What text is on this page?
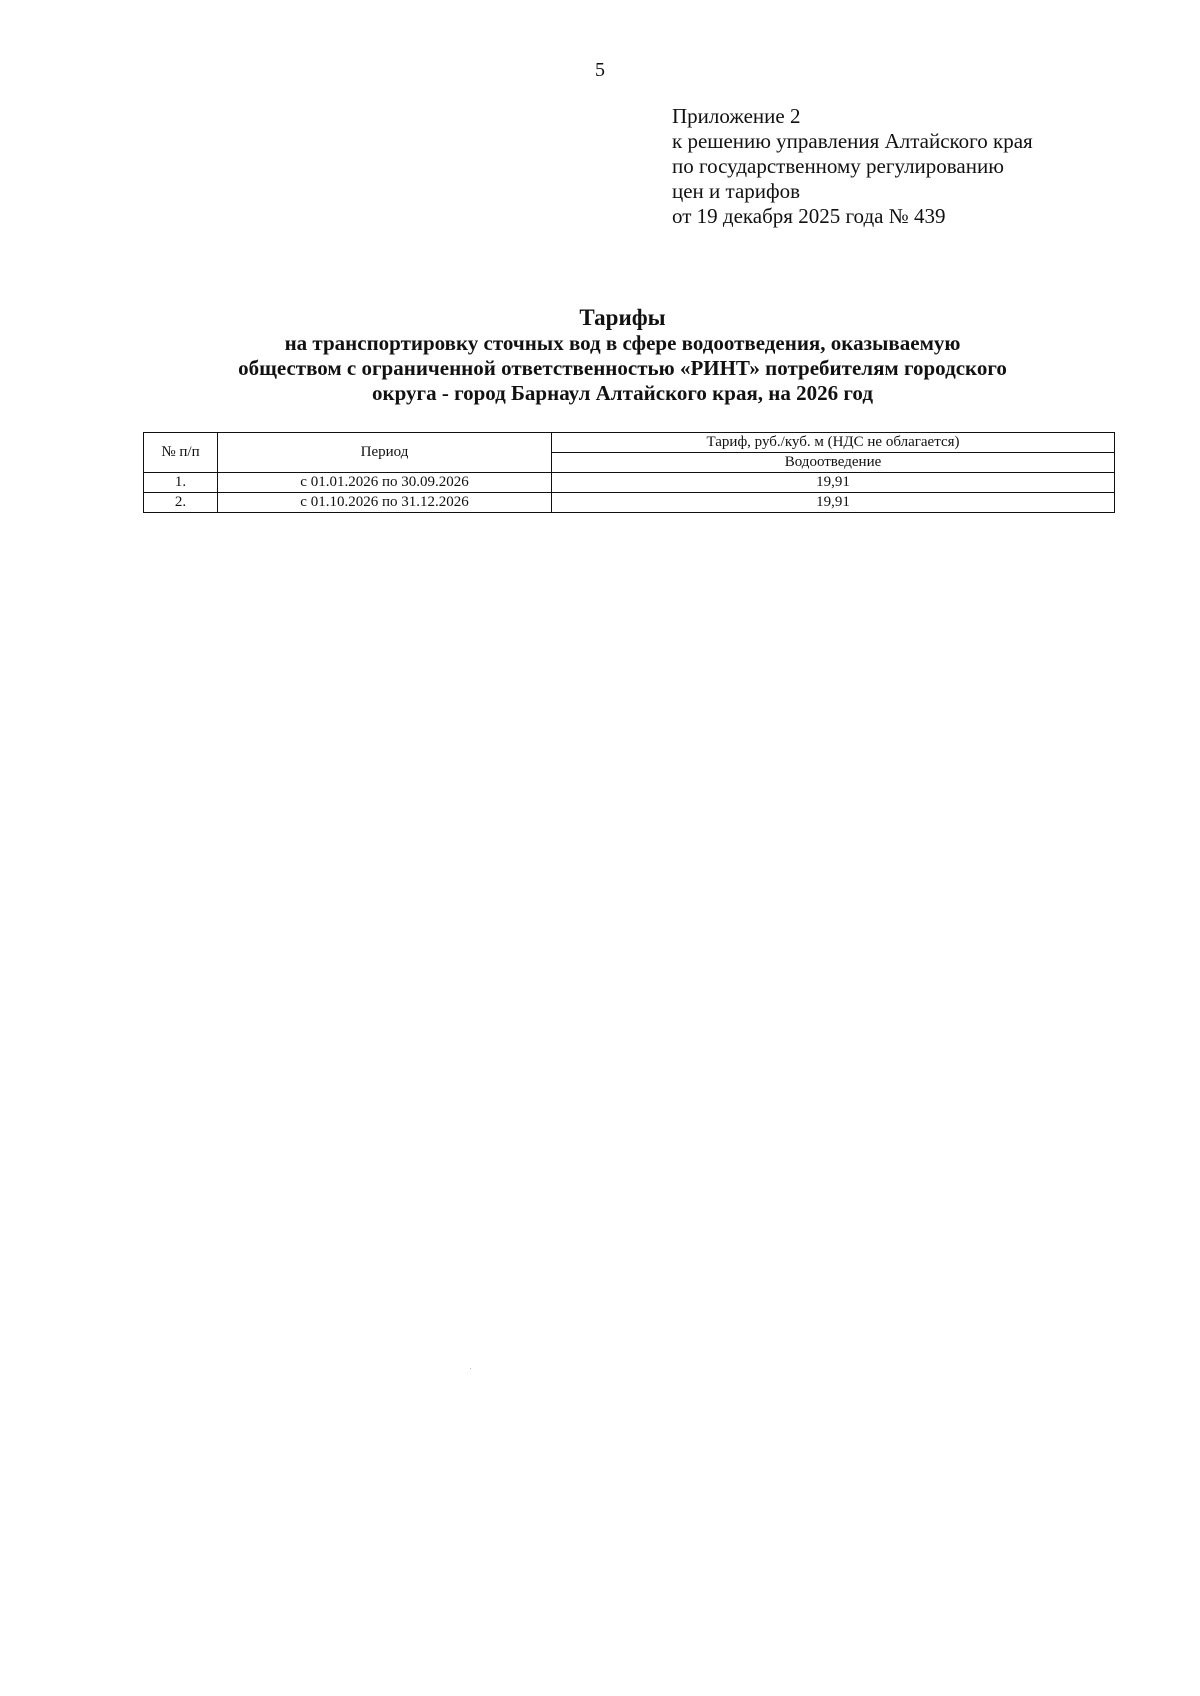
5
Приложение 2
к решению управления Алтайского края
по государственному регулированию
цен и тарифов
от 19 декабря 2025 года № 439
Тарифы
на транспортировку сточных вод в сфере водоотведения, оказываемую
обществом с ограниченной ответственностью «РИНТ» потребителям городского
округа - город Барнаул Алтайского края, на 2026 год
№ п/п	Период	Тариф, руб./куб. м (НДС не облагается)
		Водоотведение
1.	с 01.01.2026 по 30.09.2026	19,91
2.	с 01.10.2026 по 31.12.2026	19,91
